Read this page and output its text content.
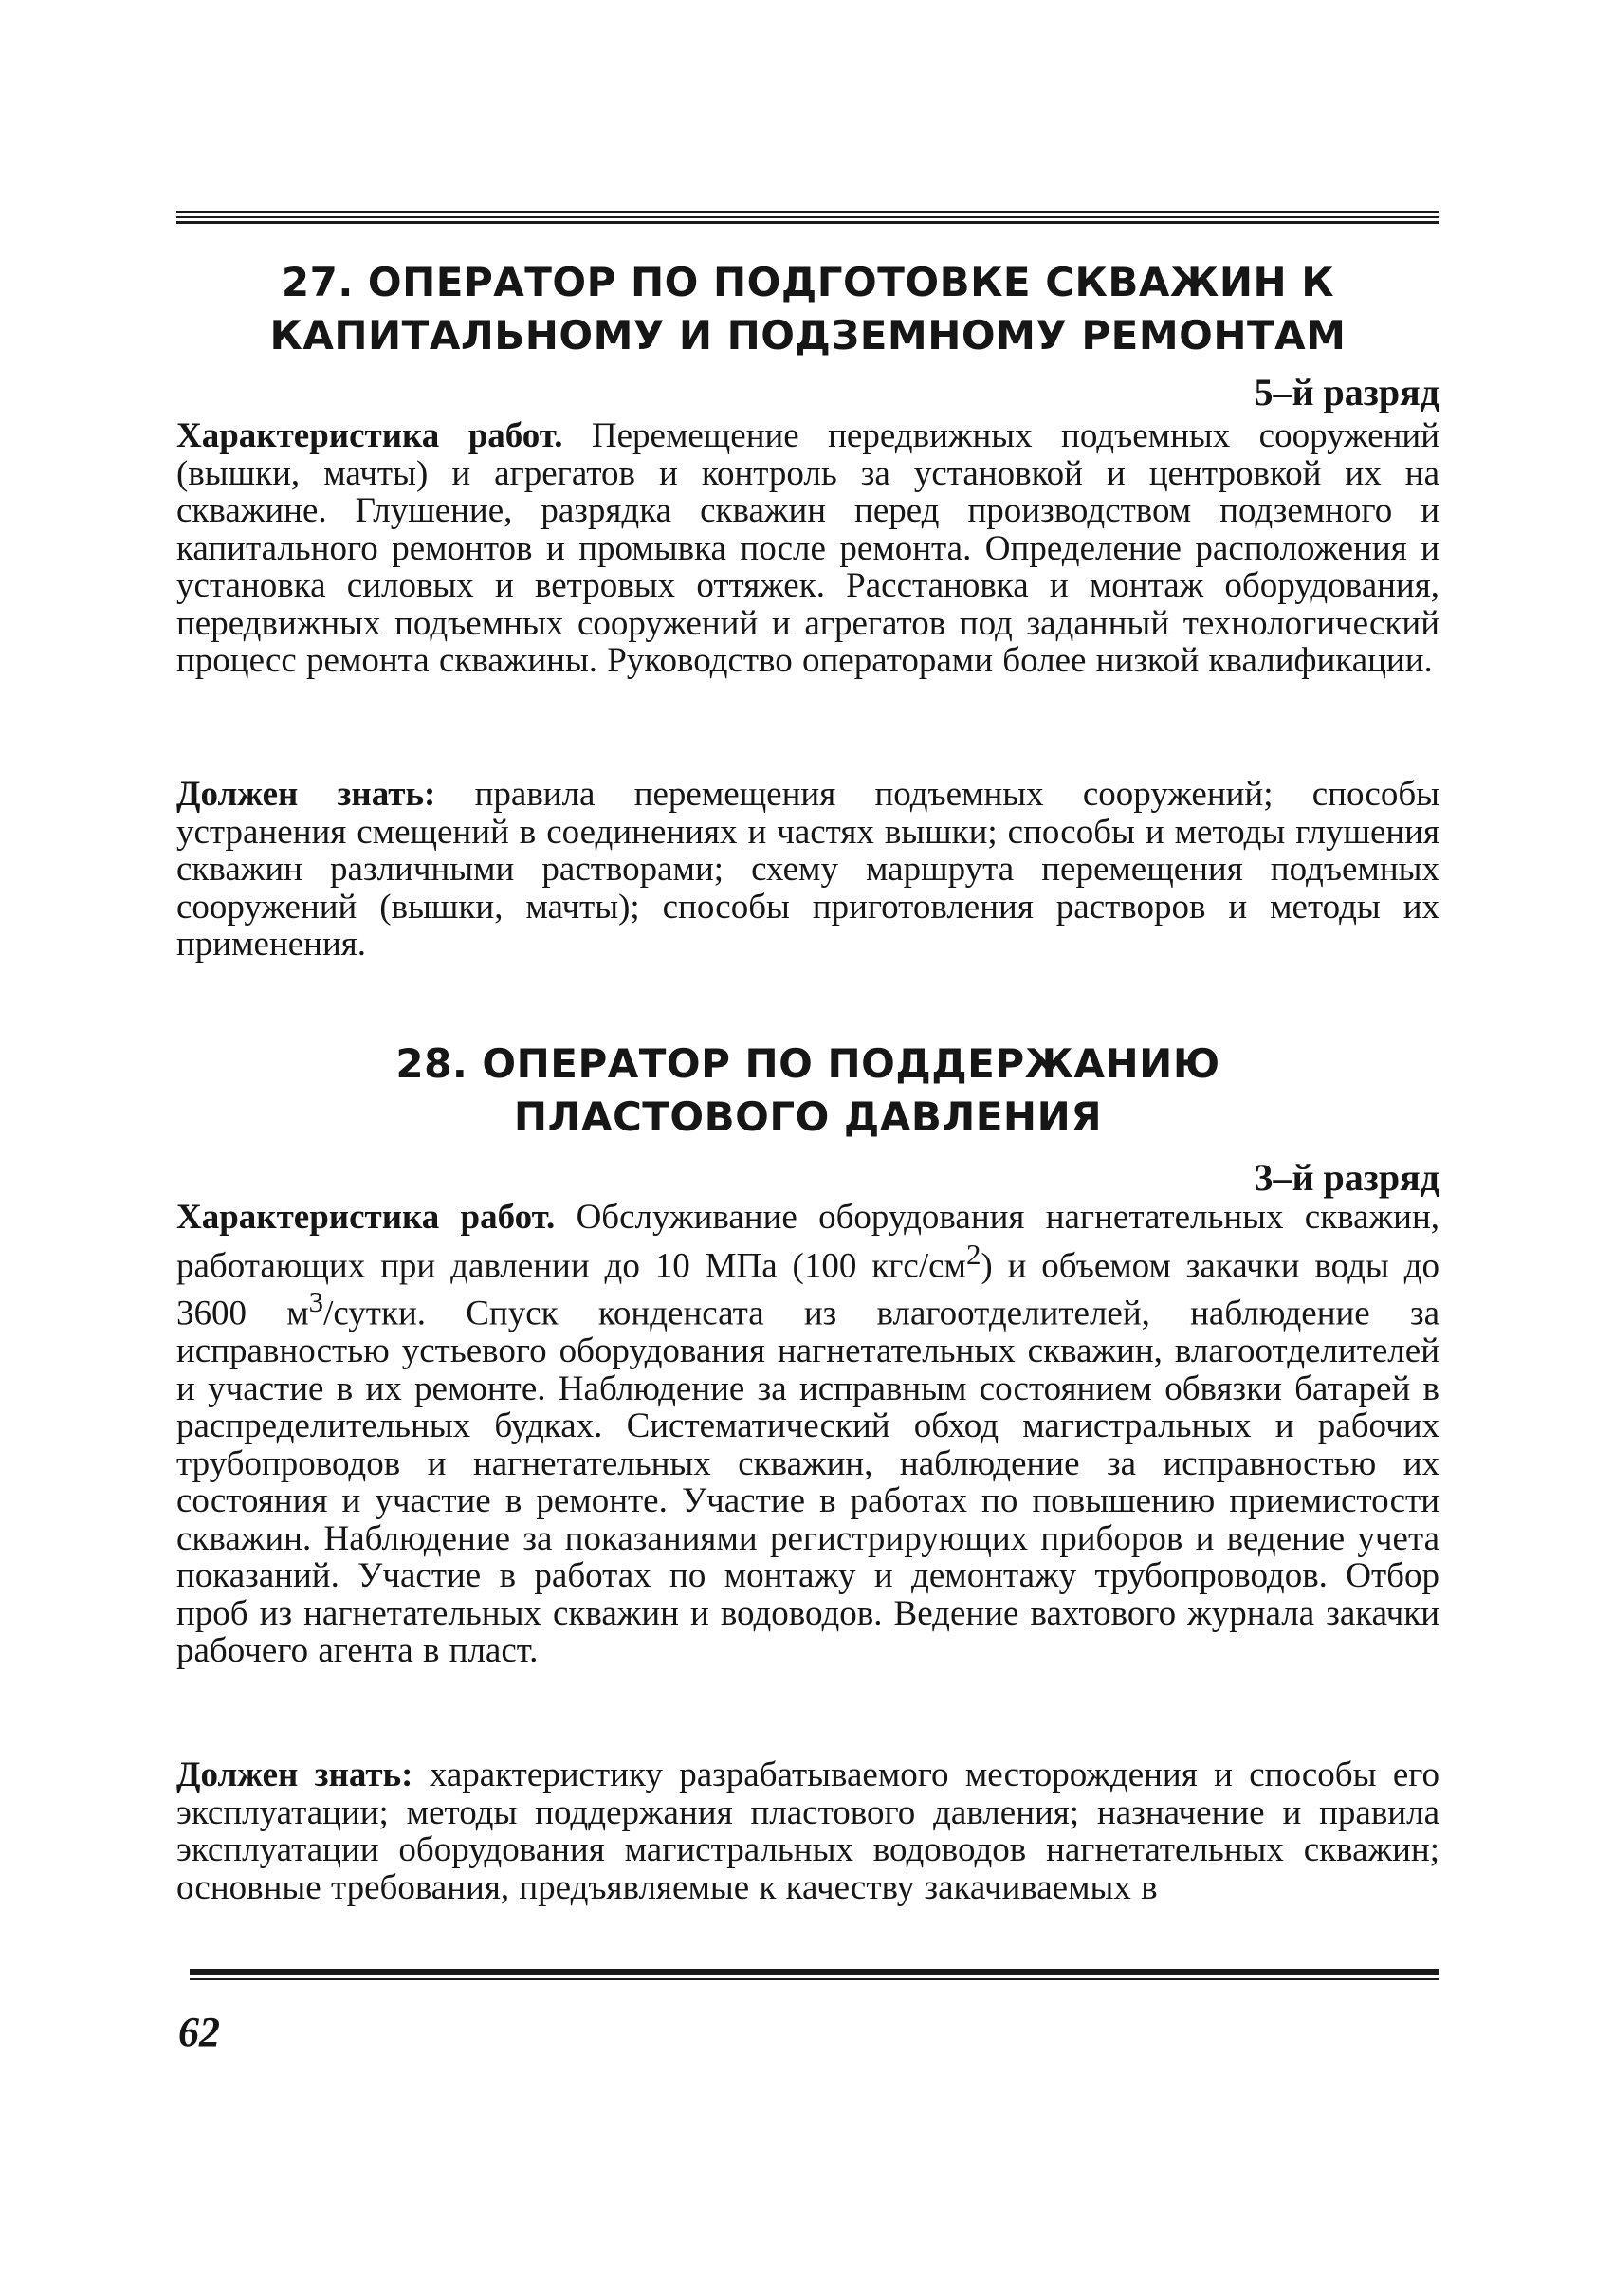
27. ОПЕРАТОР ПО ПОДГОТОВКЕ СКВАЖИН К
КАПИТАЛЬНОМУ И ПОДЗЕМНОМУ РЕМОНТАМ
5–й разряд

Характеристика работ. Перемещение передвижных подъемных сооружений (вышки, мачты) и агрегатов и контроль за установкой и центровкой их на скважине. Глушение, разрядка скважин перед производством подземного и капитального ремонтов и промывка после ремонта. Определение расположения и установка силовых и ветровых оттяжек. Расстановка и монтаж оборудования, передвижных подъемных сооружений и агрегатов под заданный технологический процесс ремонта скважины. Руководство операторами более низкой квалификации.

Должен знать: правила перемещения подъемных сооружений; способы устранения смещений в соединениях и частях вышки; способы и методы глушения скважин различными растворами; схему маршрута перемещения подъемных сооружений (вышки, мачты); способы приготовления растворов и методы их применения.

28. ОПЕРАТОР ПО ПОДДЕРЖАНИЮ
ПЛАСТОВОГО ДАВЛЕНИЯ
3–й разряд

Характеристика работ. Обслуживание оборудования нагнетательных скважин, работающих при давлении до 10 МПа (100 кгс/$см^2$) и объемом закачки воды до 3600 $м^3$/сутки. Спуск конденсата из влагоотделителей, наблюдение за исправностью устьевого оборудования нагнетательных скважин, влагоотделителей и участие в их ремонте. Наблюдение за исправным состоянием обвязки батарей в распределительных будках. Систематический обход магистральных и рабочих трубопроводов и нагнетательных скважин, наблюдение за исправностью их состояния и участие в ремонте. Участие в работах по повышению приемистости скважин. Наблюдение за показаниями регистрирующих приборов и ведение учета показаний. Участие в работах по монтажу и демонтажу трубопроводов. Отбор проб из нагнетательных скважин и водоводов. Ведение вахтового журнала закачки рабочего агента в пласт.

Должен знать: характеристику разрабатываемого месторождения и способы его эксплуатации; методы поддержания пластового давления; назначение и правила эксплуатации оборудования магистральных водоводов нагнетательных скважин; основные требования, предъявляемые к качеству закачиваемых в

62
